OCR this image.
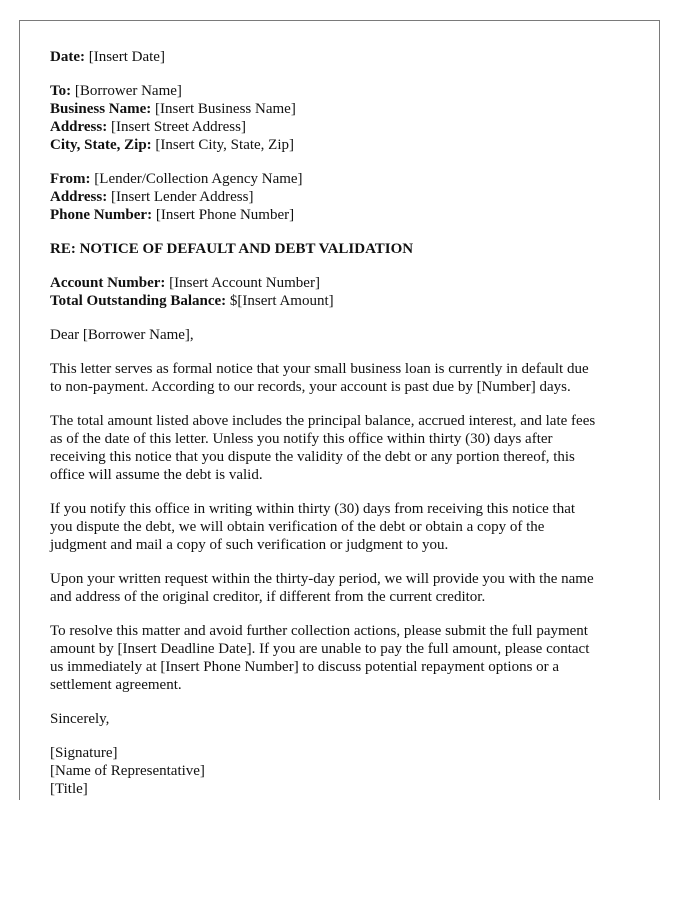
Date: [Insert Date]
To: [Borrower Name]
Business Name: [Insert Business Name]
Address: [Insert Street Address]
City, State, Zip: [Insert City, State, Zip]
From: [Lender/Collection Agency Name]
Address: [Insert Lender Address]
Phone Number: [Insert Phone Number]
RE: NOTICE OF DEFAULT AND DEBT VALIDATION
Account Number: [Insert Account Number]
Total Outstanding Balance: $[Insert Amount]
Dear [Borrower Name],
This letter serves as formal notice that your small business loan is currently in default due
to non-payment. According to our records, your account is past due by [Number] days.
The total amount listed above includes the principal balance, accrued interest, and late fees
as of the date of this letter. Unless you notify this office within thirty (30) days after
receiving this notice that you dispute the validity of the debt or any portion thereof, this
office will assume the debt is valid.
If you notify this office in writing within thirty (30) days from receiving this notice that
you dispute the debt, we will obtain verification of the debt or obtain a copy of the
judgment and mail a copy of such verification or judgment to you.
Upon your written request within the thirty-day period, we will provide you with the name
and address of the original creditor, if different from the current creditor.
To resolve this matter and avoid further collection actions, please submit the full payment
amount by [Insert Deadline Date]. If you are unable to pay the full amount, please contact
us immediately at [Insert Phone Number] to discuss potential repayment options or a
settlement agreement.
Sincerely,
[Signature]
[Name of Representative]
[Title]
